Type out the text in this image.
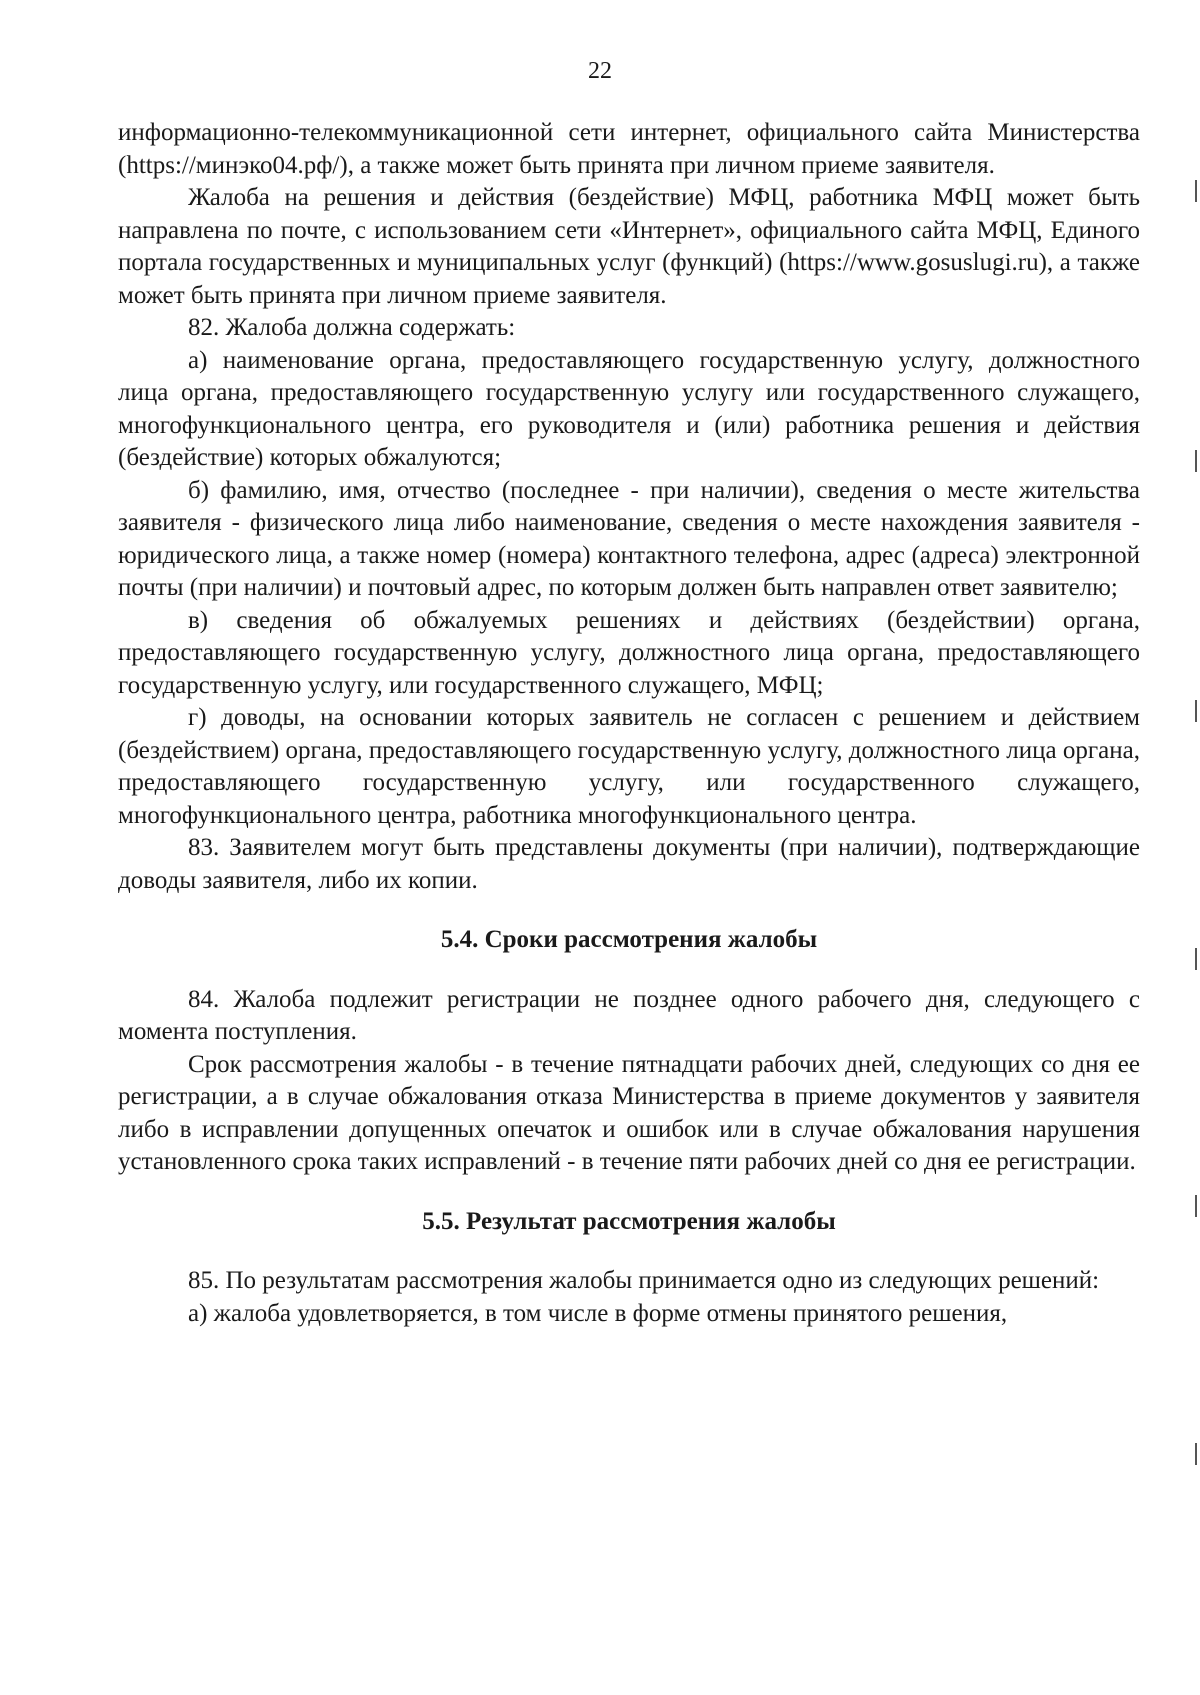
22

информационно-телекоммуникационной сети интернет, официального сайта Министерства (https://минэко04.рф/), а также может быть принята при личном приеме заявителя.

Жалоба на решения и действия (бездействие) МФЦ, работника МФЦ может быть направлена по почте, с использованием сети «Интернет», официального сайта МФЦ, Единого портала государственных и муниципальных услуг (функций) (https://www.gosuslugi.ru), а также может быть принята при личном приеме заявителя.

82. Жалоба должна содержать:

а) наименование органа, предоставляющего государственную услугу, должностного лица органа, предоставляющего государственную услугу или государственного служащего, многофункционального центра, его руководителя и (или) работника решения и действия (бездействие) которых обжалуются;

б) фамилию, имя, отчество (последнее - при наличии), сведения о месте жительства заявителя - физического лица либо наименование, сведения о месте нахождения заявителя - юридического лица, а также номер (номера) контактного телефона, адрес (адреса) электронной почты (при наличии) и почтовый адрес, по которым должен быть направлен ответ заявителю;

в) сведения об обжалуемых решениях и действиях (бездействии) органа, предоставляющего государственную услугу, должностного лица органа, предоставляющего государственную услугу, или государственного служащего, МФЦ;

г) доводы, на основании которых заявитель не согласен с решением и действием (бездействием) органа, предоставляющего государственную услугу, должностного лица органа, предоставляющего государственную услугу, или государственного служащего, многофункционального центра, работника многофункционального центра.

83. Заявителем могут быть представлены документы (при наличии), подтверждающие доводы заявителя, либо их копии.

5.4. Сроки рассмотрения жалобы

84. Жалоба подлежит регистрации не позднее одного рабочего дня, следующего с момента поступления.

Срок рассмотрения жалобы - в течение пятнадцати рабочих дней, следующих со дня ее регистрации, а в случае обжалования отказа Министерства в приеме документов у заявителя либо в исправлении допущенных опечаток и ошибок или в случае обжалования нарушения установленного срока таких исправлений - в течение пяти рабочих дней со дня ее регистрации.

5.5. Результат рассмотрения жалобы

85. По результатам рассмотрения жалобы принимается одно из следующих решений:

а) жалоба удовлетворяется, в том числе в форме отмены принятого решения,
